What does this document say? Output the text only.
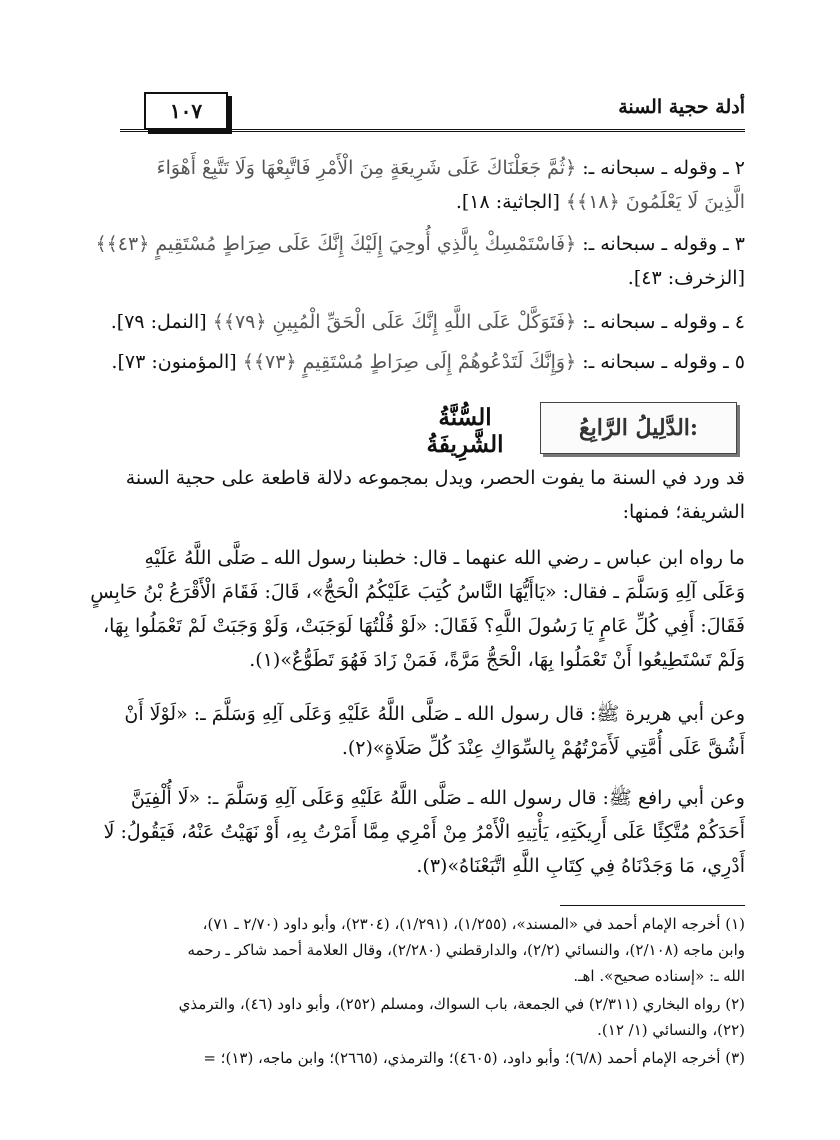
١٠٧	أدلة حجية السنة
٢ ـ وقوله ـ سبحانه ـ: ﴿ثُمَّ جَعَلْنَاكَ عَلَى شَرِيعَةٍ مِنَ الْأَمْرِ فَاتَّبِعْهَا وَلَا تَتَّبِعْ أَهْوَاءَ
الَّذِينَ لَا يَعْلَمُونَ ﴿١٨﴾﴾ [الجاثية: ١٨].
٣ ـ وقوله ـ سبحانه ـ: ﴿فَاسْتَمْسِكْ بِالَّذِي أُوحِيَ إِلَيْكَ إِنَّكَ عَلَى صِرَاطٍ مُسْتَقِيمٍ ﴿٤٣﴾﴾
[الزخرف: ٤٣].
٤ ـ وقوله ـ سبحانه ـ: ﴿فَتَوَكَّلْ عَلَى اللَّهِ إِنَّكَ عَلَى الْحَقِّ الْمُبِينِ ﴿٧٩﴾﴾ [النمل: ٧٩].
٥ ـ وقوله ـ سبحانه ـ: ﴿وَإِنَّكَ لَتَدْعُوهُمْ إِلَى صِرَاطٍ مُسْتَقِيمٍ ﴿٧٣﴾﴾ [المؤمنون: ٧٣].
الدَّلِيلُ الرَّابِعُ:
السُّنَّةُ الشَّرِيفَةُ
قد ورد في السنة ما يفوت الحصر، ويدل بمجموعه دلالة قاطعة على حجية السنة
الشريفة؛ فمنها:
ما رواه ابن عباس ـ رضي الله عنهما ـ قال: خطبنا رسول الله ـ صَلَّى اللَّهُ عَلَيْهِ
وَعَلَى آلِهِ وَسَلَّمَ ـ فقال: «يَاأَيُّهَا النَّاسُ كُتِبَ عَلَيْكُمُ الْحَجُّ»، قَالَ: فَقَامَ الْأَقْرَعُ بْنُ حَابِسٍ
فَقَالَ: أَفِي كُلِّ عَامٍ يَا رَسُولَ اللَّهِ؟ فَقَالَ: «لَوْ قُلْتُهَا لَوَجَبَتْ، وَلَوْ وَجَبَتْ لَمْ تَعْمَلُوا بِهَا،
وَلَمْ تَسْتَطِيعُوا أَنْ تَعْمَلُوا بِهَا، الْحَجُّ مَرَّةً، فَمَنْ زَادَ فَهُوَ تَطَوُّعٌ»(١).
وعن أبي هريرة ﷺ: قال رسول الله ـ صَلَّى اللَّهُ عَلَيْهِ وَعَلَى آلِهِ وَسَلَّمَ ـ: «لَوْلَا أَنْ
أَشُقَّ عَلَى أُمَّتِي لَأَمَرْتُهُمْ بِالسِّوَاكِ عِنْدَ كُلِّ صَلَاةٍ»(٢).
وعن أبي رافع ﷺ: قال رسول الله ـ صَلَّى اللَّهُ عَلَيْهِ وَعَلَى آلِهِ وَسَلَّمَ ـ: «لَا أُلْفِيَنَّ
أَحَدَكُمْ مُتَّكِئًا عَلَى أَرِيكَتِهِ، يَأْتِيهِ الْأَمْرُ مِنْ أَمْرِي مِمَّا أَمَرْتُ بِهِ، أَوْ نَهَيْتُ عَنْهُ، فَيَقُولُ: لَا
أَدْرِي، مَا وَجَدْنَاهُ فِي كِتَابِ اللَّهِ اتَّبَعْنَاهُ»(٣).
(١) أخرجه الإمام أحمد في «المسند»، (١/٢٥٥)، (١/٢٩١)، (٢٣٠٤)، وأبو داود (٢/٧٠ ـ ٧١)،
وابن ماجه (٢/١٠٨)، والنسائي (٢/٢)، والدارقطني (٢/٢٨٠)، وقال العلامة أحمد شاكر ـ رحمه
الله ـ: «إسناده صحيح». اهـ.
(٢) رواه البخاري (٢/٣١١) في الجمعة، باب السواك، ومسلم (٢٥٢)، وأبو داود (٤٦)، والترمذي
(٢٢)، والنسائي (١/ ١٢).
(٣) أخرجه الإمام أحمد (٦/٨)؛ وأبو داود، (٤٦٠٥)؛ والترمذي، (٢٦٦٥)؛ وابن ماجه، (١٣)؛ =
